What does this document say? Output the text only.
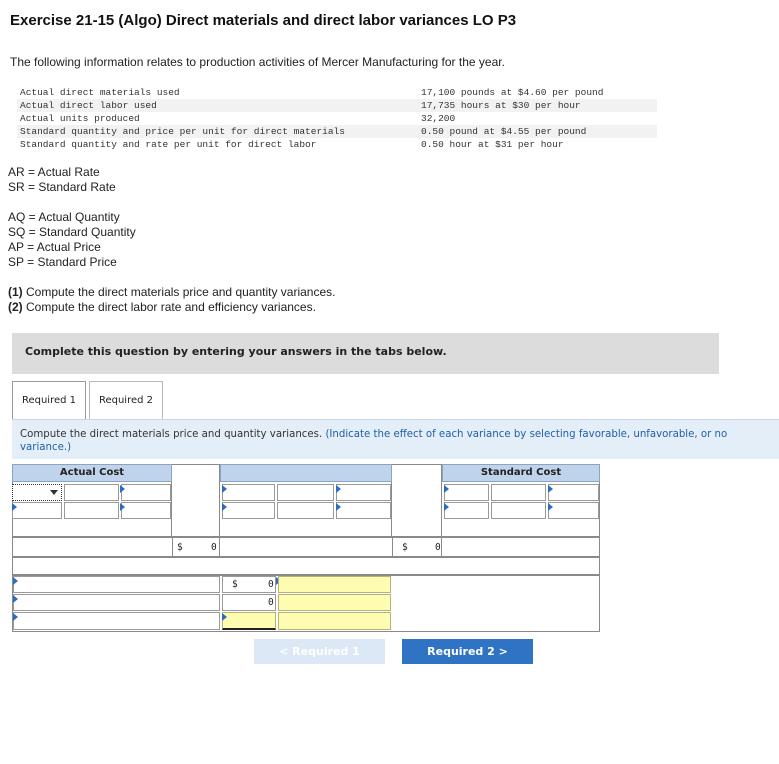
Exercise 21-15 (Algo) Direct materials and direct labor variances LO P3
The following information relates to production activities of Mercer Manufacturing for the year.
Actual direct materials used	17,100 pounds at $4.60 per pound
Actual direct labor used	17,735 hours at $30 per hour
Actual units produced	32,200
Standard quantity and price per unit for direct materials	0.50 pound at $4.55 per pound
Standard quantity and rate per unit for direct labor	0.50 hour at $31 per hour
AR = Actual Rate
SR = Standard Rate
AQ = Actual Quantity
SQ = Standard Quantity
AP = Actual Price
SP = Standard Price
(1) Compute the direct materials price and quantity variances.
(2) Compute the direct labor rate and efficiency variances.
Complete this question by entering your answers in the tabs below.
Required 1	Required 2
Compute the direct materials price and quantity variances. (Indicate the effect of each variance by selecting favorable, unfavorable, or no variance.)
Actual Cost	Standard Cost
$	0	$	0
$	0
0
< Required 1	Required 2 >
